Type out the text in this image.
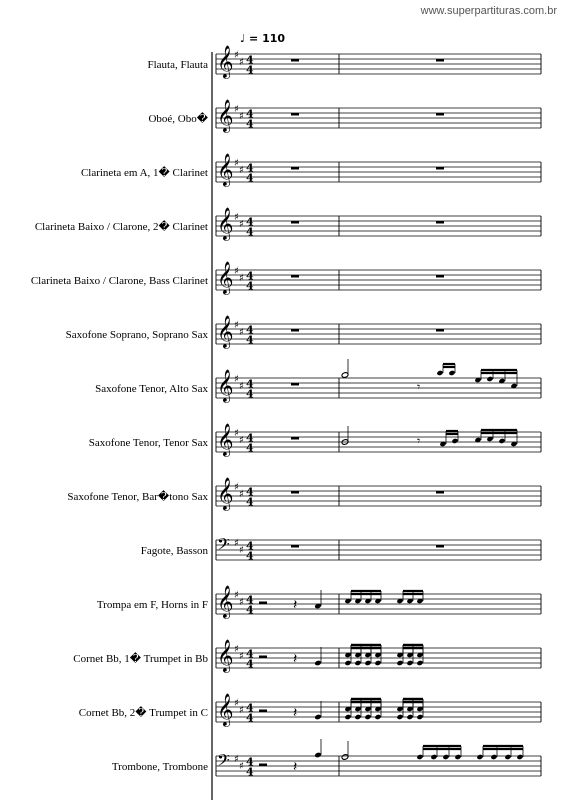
www.superpartituras.com.br
♩ = 110
Flauta, Flauta
Oboé, Obo�
Clarineta em A, 1� Clarinet
Clarineta Baixo / Clarone, 2� Clarinet
Clarineta Baixo / Clarone, Bass Clarinet
Saxofone Soprano, Soprano Sax
Saxofone Tenor, Alto Sax
Saxofone Tenor, Tenor Sax
Saxofone Tenor, Bar�tono Sax
Fagote, Basson
Trompa em F, Horns in F
Cornet Bb, 1� Trumpet in Bb
Cornet Bb, 2� Trumpet in C
Trombone, Trombone
𝄞 ♯
♯ 4
4
𝄞 ♯
♯ 4
4
𝄞 ♯
♯ 4
4
𝄞 ♯
♯ 4
4
𝄞 ♯
♯ 4
4
𝄞 ♯
♯ 4
4
𝄞 ♯
♯ 4
4	𝄾
𝄞 ♯
♯ 4
4	𝄾
𝄞 ♯
♯ 4
4
𝄢 ♯
♯ 4
4
𝄞 ♯
♯ 4
4	𝄽
𝄞 ♯
♯ 4
4	𝄽
𝄞 ♯
♯ 4
4	𝄽
𝄢 ♯
♯ 4
4	𝄽
